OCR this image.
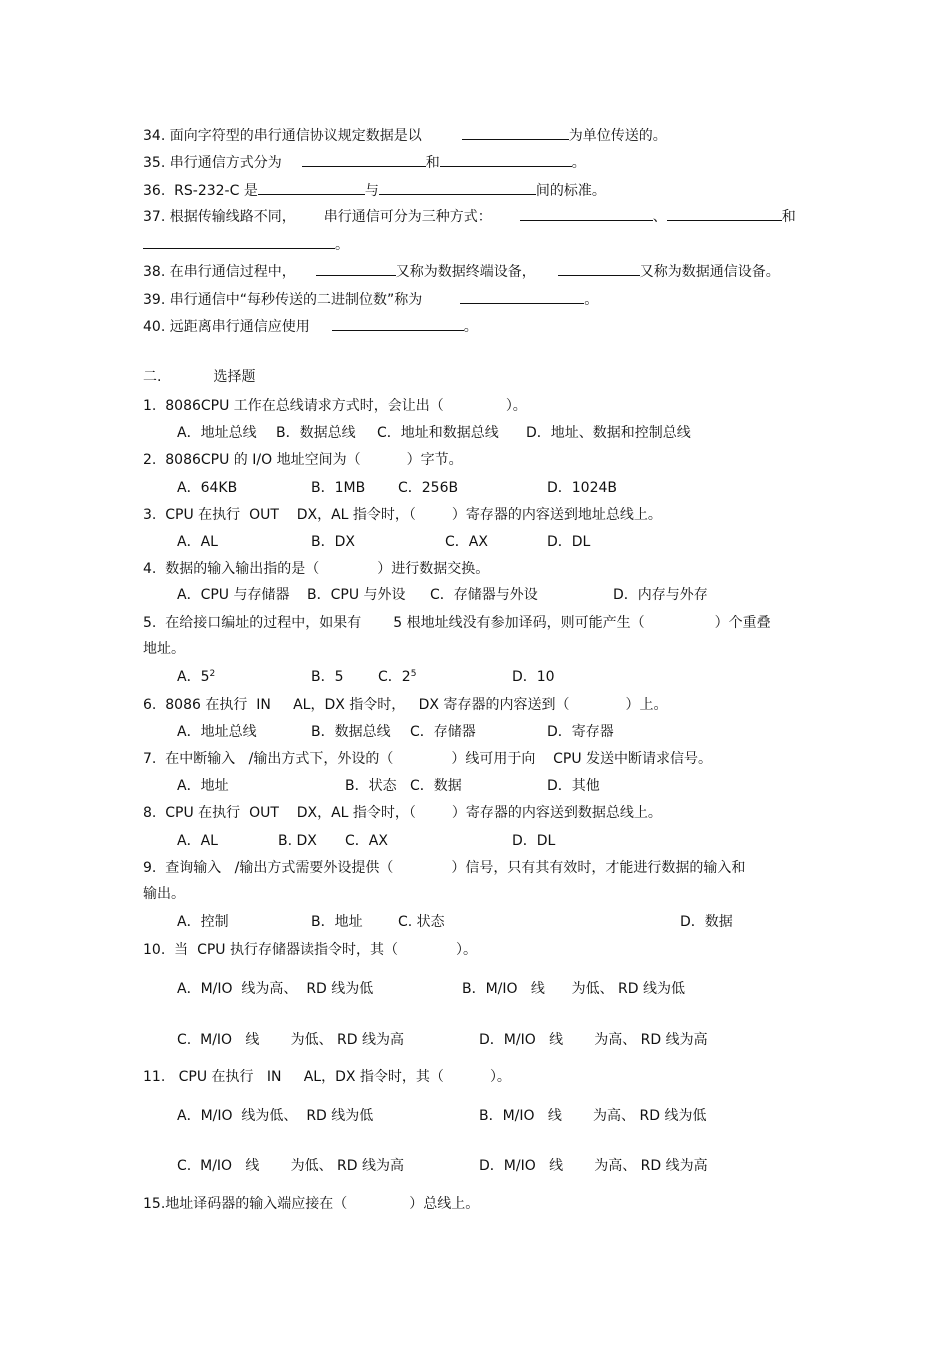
34. 面向字符型的串行通信协议规定数据是以	为单位传送的。
35. 串行通信方式分为	和	。
36. RS-232-C 是	与	间的标准。
37. 根据传输线路不同， 串行通信可分为三种方式：	、	和
。
38. 在串行通信过程中，	又称为数据终端设备，	又称为数据通信设备。
39. 串行通信中“每秒传送的二进制位数”称为	。
40. 远距离串行通信应使用	。
二.	选择题
1.  8086CPU 工作在总线请求方式时，会让出（	）。
A．地址总线 B．数据总线 C．地址和数据总线 D．地址、数据和控制总线
2.  8086CPU 的 I/O 地址空间为（	）字节。
A．64KB	B．1MB C．256B	D．1024B
3.  CPU 在执行  OUT    DX，AL 指令时，（	）寄存器的内容送到地址总线上。
A．AL	B．DX	C．AX	D．DL
4.  数据的输入输出指的是（	）进行数据交换。
A．CPU 与存储器 B．CPU 与外设 C．存储器与外设	D．内存与外存
5.  在给接口编址的过程中，如果有 5 根地址线没有参加译码，则可能产生（	）个重叠
地址。
A．$5^2$	B．5 C．$2^5$	D．10
6.  8086 在执行  IN     AL，DX 指令时，   DX 寄存器的内容送到（	）上。
A．地址总线	B．数据总线 C．存储器	D．寄存器
7.  在中断输入   /输出方式下，外设的（	）线可用于向    CPU 发送中断请求信号。
A．地址	B．状态 C．数据	D．其他
8.  CPU 在执行  OUT    DX，AL 指令时，（	）寄存器的内容送到数据总线上。
A．AL	B. DX C．AX	D．DL
9.  查询输入   /输出方式需要外设提供（	）信号，只有其有效时，才能进行数据的输入和
输出。
A．控制	B．地址	C. 状态	D．数据
10.  当  CPU 执行存储器读指令时，其（	）。
A．M/IO  线为高、  RD 线为低	B．M/IO   线      为低、 RD 线为低
C.  M/IO   线       为低、 RD 线为高	D．M/IO   线       为高、 RD 线为高
11.   CPU 在执行   IN     AL，DX 指令时，其（	）。
A．M/IO  线为低、  RD 线为低	B．M/IO   线       为高、 RD 线为低
C.  M/IO   线       为低、 RD 线为高	D．M/IO   线       为高、 RD 线为高
15.地址译码器的输入端应接在（	）总线上。
